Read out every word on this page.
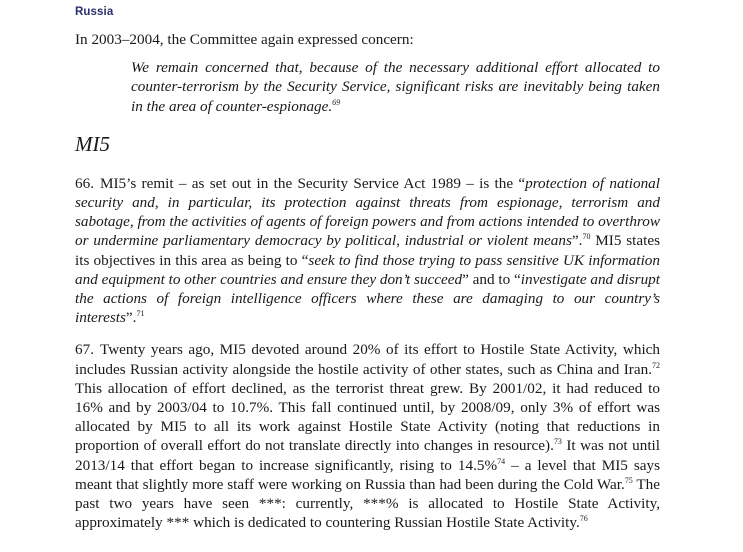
Russia

In 2003–2004, the Committee again expressed concern:

We remain concerned that, because of the necessary additional effort allocated to counter-terrorism by the Security Service, significant risks are inevitably being taken in the area of counter-espionage.$^{69}$

MI5

66. MI5’s remit – as set out in the Security Service Act 1989 – is the “protection of national security and, in particular, its protection against threats from espionage, terrorism and sabotage, from the activities of agents of foreign powers and from actions intended to overthrow or undermine parliamentary democracy by political, industrial or violent means”.$^{70}$ MI5 states its objectives in this area as being to “seek to find those trying to pass sensitive UK information and equipment to other countries and ensure they don’t succeed” and to “investigate and disrupt the actions of foreign intelligence officers where these are damaging to our country’s interests”.$^{71}$

67. Twenty years ago, MI5 devoted around 20% of its effort to Hostile State Activity, which includes Russian activity alongside the hostile activity of other states, such as China and Iran.$^{72}$ This allocation of effort declined, as the terrorist threat grew. By 2001/02, it had reduced to 16% and by 2003/04 to 10.7%. This fall continued until, by 2008/09, only 3% of effort was allocated by MI5 to all its work against Hostile State Activity (noting that reductions in proportion of overall effort do not translate directly into changes in resource).$^{73}$ It was not until 2013/14 that effort began to increase significantly, rising to 14.5%$^{74}$ – a level that MI5 says meant that slightly more staff were working on Russia than had been during the Cold War.$^{75}$ The past two years have seen ***: currently, ***% is allocated to Hostile State Activity, approximately *** which is dedicated to countering Russian Hostile State Activity.$^{76}$
